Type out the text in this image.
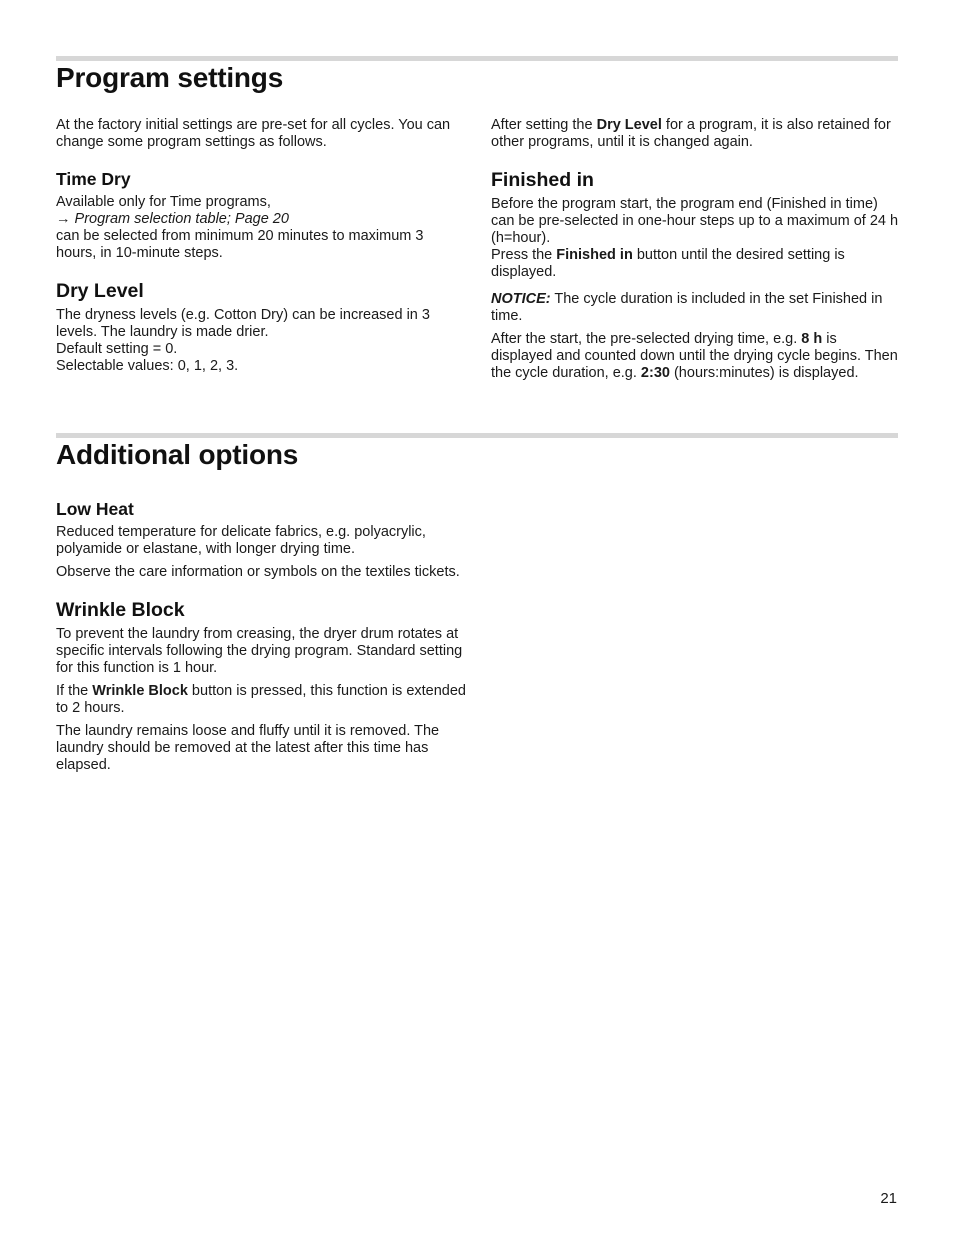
Program settings

At the factory initial settings are pre-set for all cycles. You can change some program settings as follows.

Time Dry

Available only for Time programs,
→ Program selection table; Page 20
can be selected from minimum 20 minutes to maximum 3 hours, in 10-minute steps.

Dry Level

The dryness levels (e.g. Cotton Dry) can be increased in 3 levels. The laundry is made drier.
Default setting = 0.
Selectable values: 0, 1, 2, 3.

After setting the Dry Level for a program, it is also retained for other programs, until it is changed again.

Finished in

Before the program start, the program end (Finished in time) can be pre-selected in one-hour steps up to a maximum of 24 h (h=hour).
Press the Finished in button until the desired setting is displayed.

NOTICE: The cycle duration is included in the set Finished in time.

After the start, the pre-selected drying time, e.g. 8 h is displayed and counted down until the drying cycle begins. Then the cycle duration, e.g. 2:30 (hours:minutes) is displayed.

Additional options
Low Heat

Reduced temperature for delicate fabrics, e.g. polyacrylic, polyamide or elastane, with longer drying time.

Observe the care information or symbols on the textiles tickets.

Wrinkle Block

To prevent the laundry from creasing, the dryer drum rotates at specific intervals following the drying program. Standard setting for this function is 1 hour.

If the Wrinkle Block button is pressed, this function is extended to 2 hours.

The laundry remains loose and fluffy until it is removed. The laundry should be removed at the latest after this time has elapsed.

21
